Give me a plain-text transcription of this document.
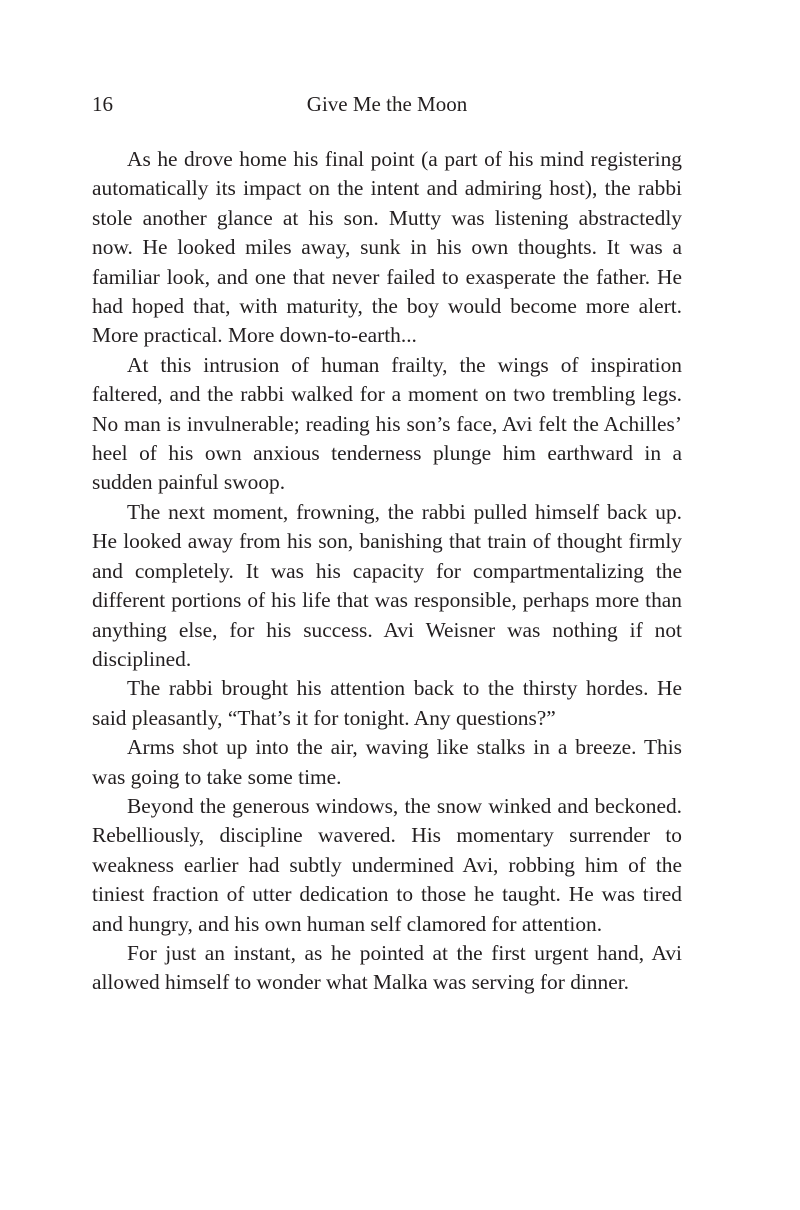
16	Give Me the Moon

As he drove home his final point (a part of his mind registering automatically its impact on the intent and admiring host), the rabbi stole another glance at his son. Mutty was listening abstractedly now. He looked miles away, sunk in his own thoughts. It was a familiar look, and one that never failed to exasperate the father. He had hoped that, with maturity, the boy would become more alert. More practical. More down-to-earth...

At this intrusion of human frailty, the wings of inspiration faltered, and the rabbi walked for a moment on two trembling legs. No man is invulnerable; reading his son’s face, Avi felt the Achilles’ heel of his own anxious tenderness plunge him earthward in a sudden painful swoop.

The next moment, frowning, the rabbi pulled himself back up. He looked away from his son, banishing that train of thought firmly and completely. It was his capacity for compartmentalizing the different portions of his life that was responsible, perhaps more than anything else, for his success. Avi Weisner was nothing if not disciplined.

The rabbi brought his attention back to the thirsty hordes. He said pleasantly, “That’s it for tonight. Any questions?”

Arms shot up into the air, waving like stalks in a breeze. This was going to take some time.

Beyond the generous windows, the snow winked and beckoned. Rebelliously, discipline wavered. His momentary surrender to weakness earlier had subtly undermined Avi, robbing him of the tiniest fraction of utter dedication to those he taught. He was tired and hungry, and his own human self clamored for attention.

For just an instant, as he pointed at the first urgent hand, Avi allowed himself to wonder what Malka was serving for dinner.
